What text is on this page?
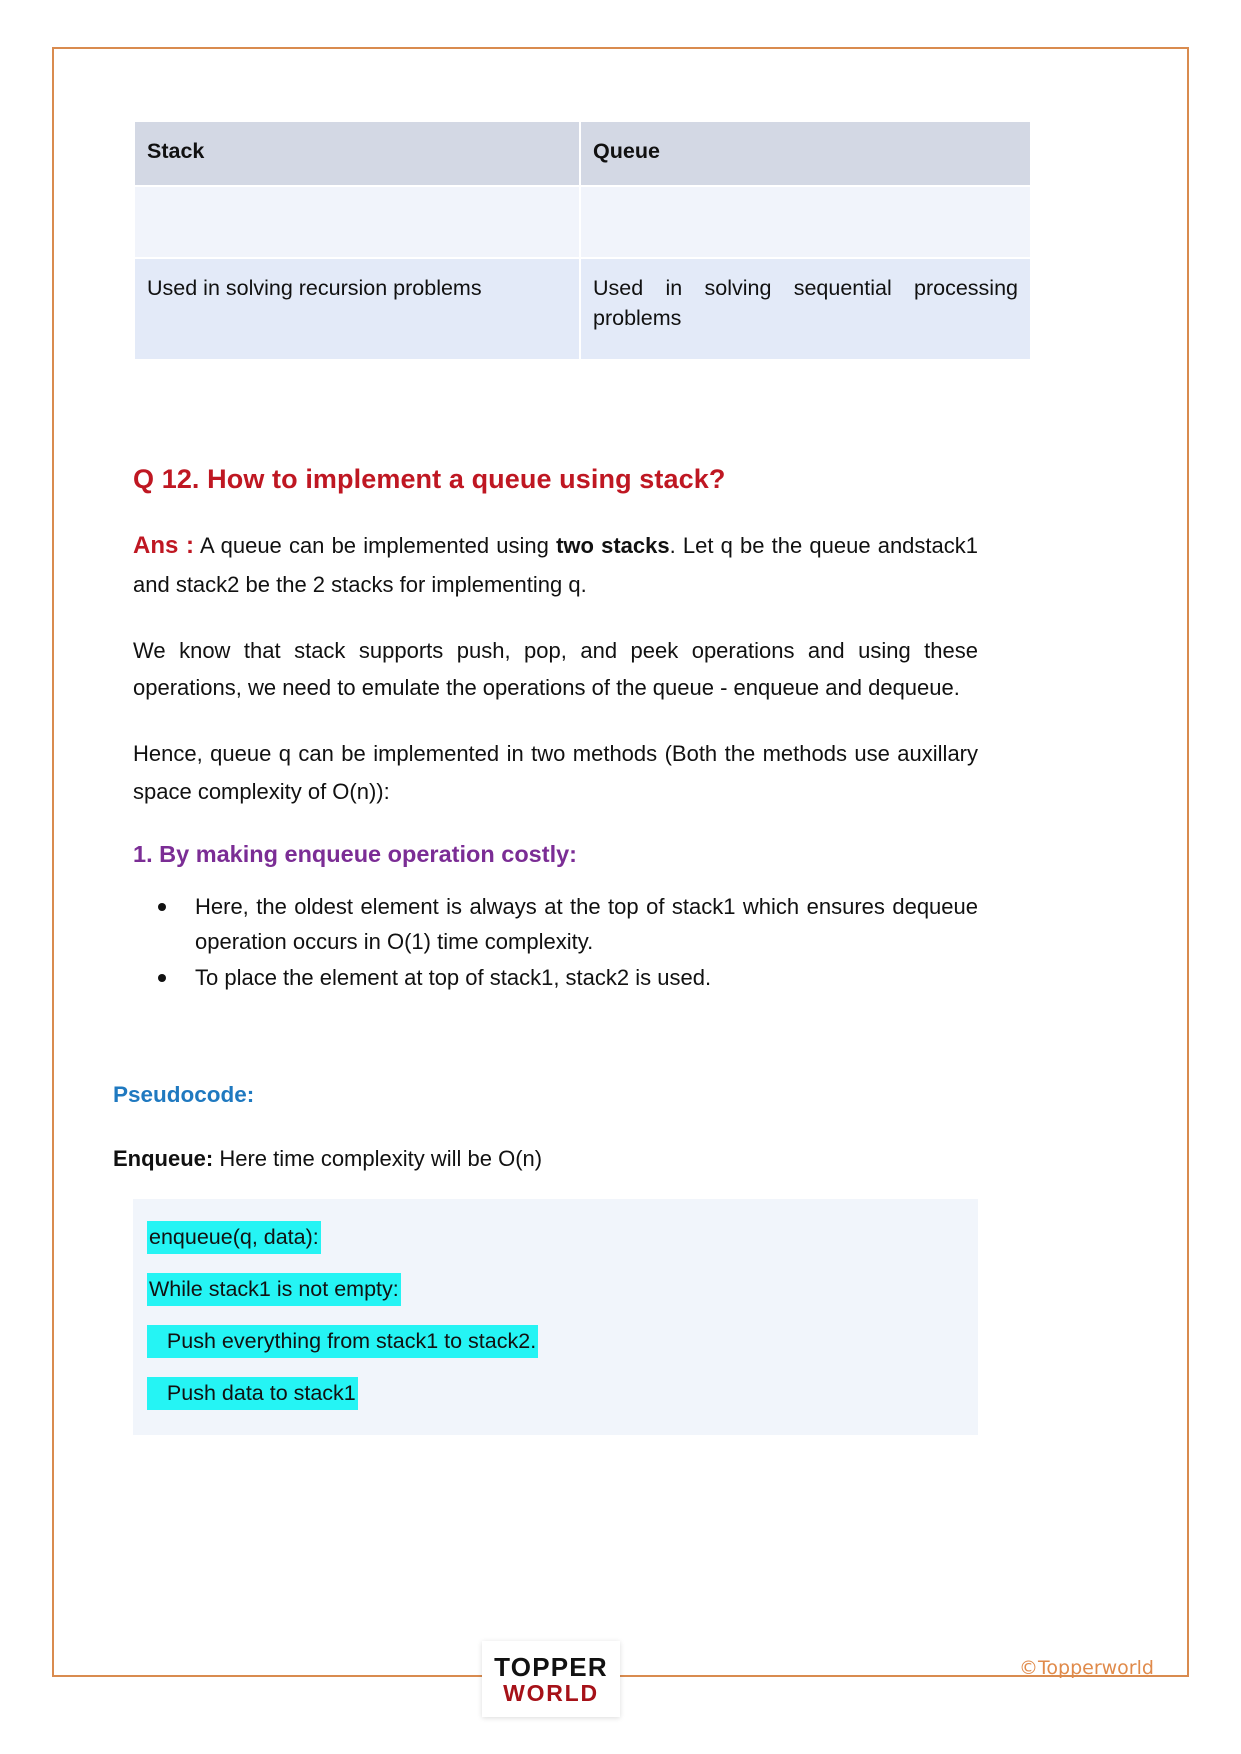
Stack	Queue

Used in solving recursion problems	Used in solving sequential processing problems
Q 12. How to implement a queue using stack?

Ans : A queue can be implemented using two stacks. Let q be the queue andstack1 and stack2 be the 2 stacks for implementing q.

We know that stack supports push, pop, and peek operations and using these operations, we need to emulate the operations of the queue - enqueue and dequeue.

Hence, queue q can be implemented in two methods (Both the methods use auxillary space complexity of O(n)):

1. By making enqueue operation costly:
Here, the oldest element is always at the top of stack1 which ensures dequeue operation occurs in O(1) time complexity.
To place the element at top of stack1, stack2 is used.
Pseudocode:

Enqueue: Here time complexity will be O(n)

enqueue(q, data):
While stack1 is not empty:
Push everything from stack1 to stack2.
Push data to stack1
TOPPER
WORLD
©Topperworld
